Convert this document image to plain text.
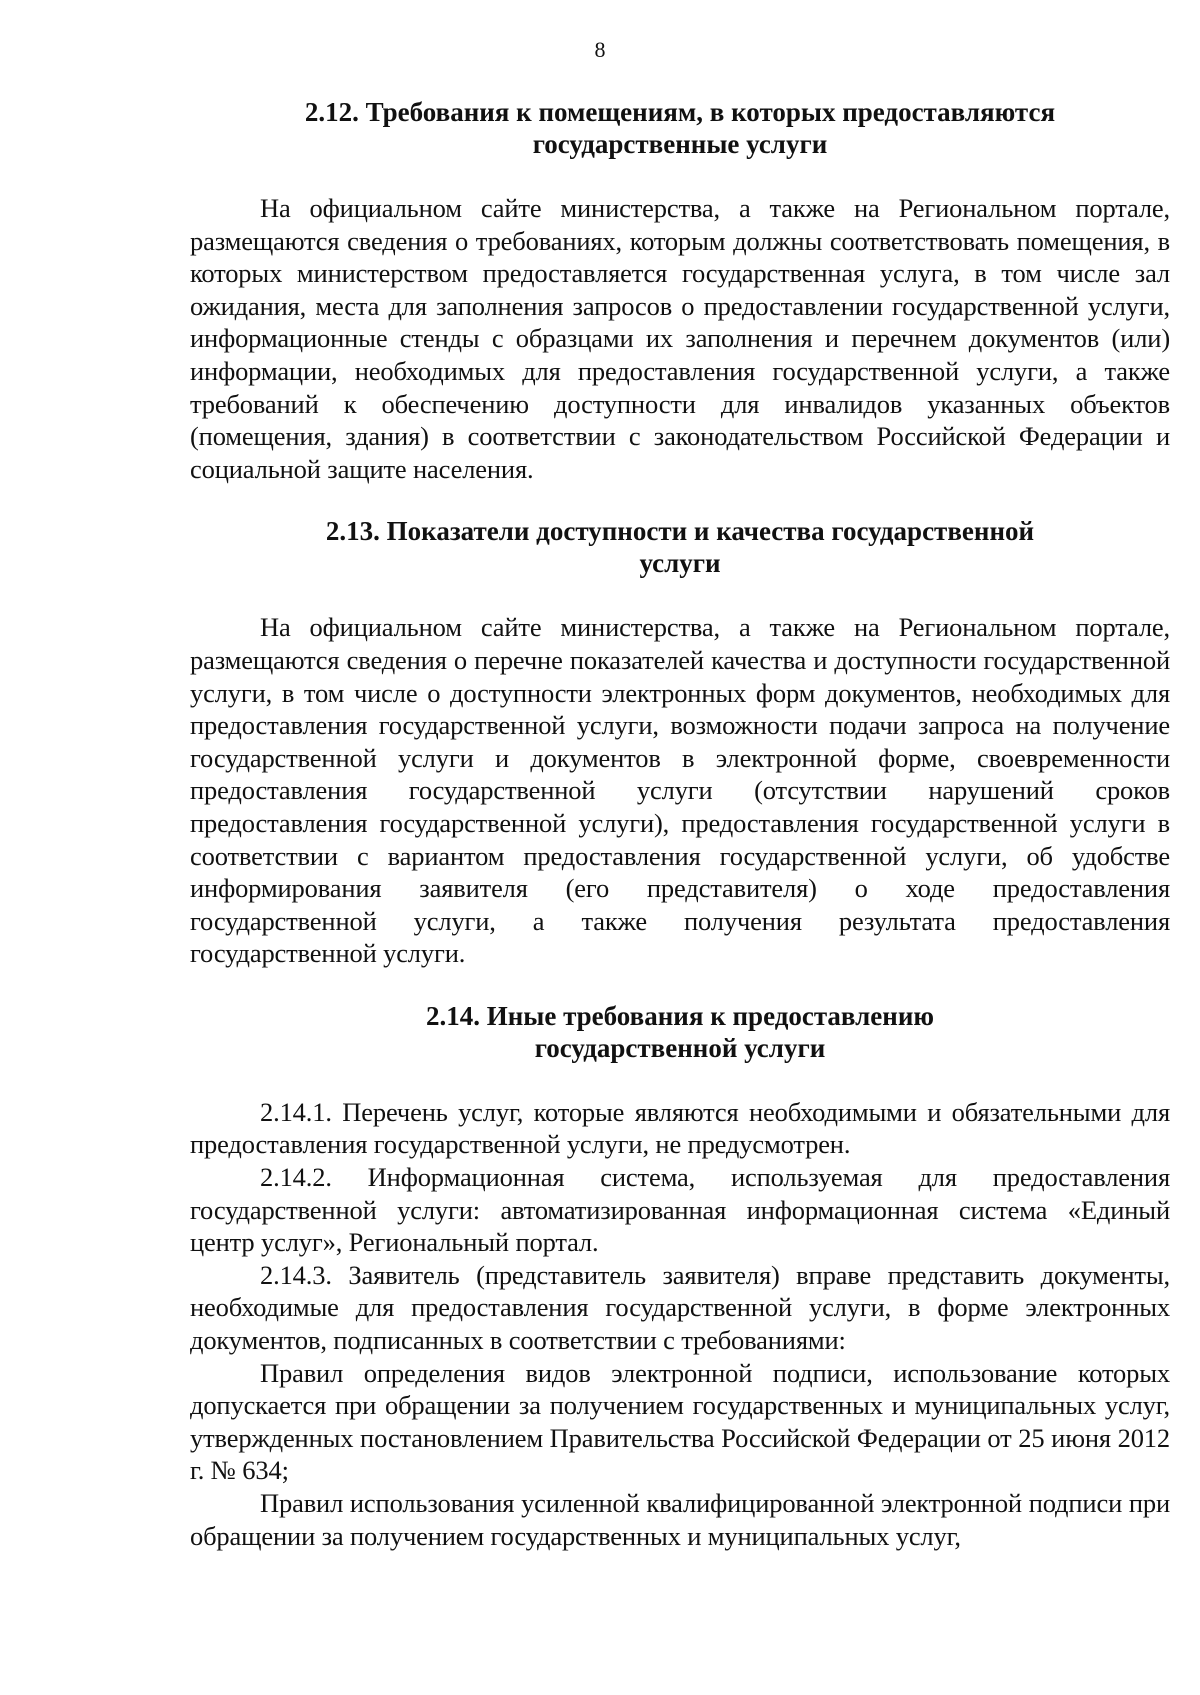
8
2.12. Требования к помещениям, в которых предоставляются
государственные услуги

На официальном сайте министерства, а также на Региональном портале, размещаются сведения о требованиях, которым должны соответствовать помещения, в которых министерством предоставляется государственная услуга, в том числе зал ожидания, места для заполнения запросов о предоставлении государственной услуги, информационные стенды с образцами их заполнения и перечнем документов (или) информации, необходимых для предоставления государственной услуги, а также требований к обеспечению доступности для инвалидов указанных объектов (помещения, здания) в соответствии с законодательством Российской Федерации и социальной защите населения.

2.13. Показатели доступности и качества государственной
услуги

На официальном сайте министерства, а также на Региональном портале, размещаются сведения о перечне показателей качества и доступности государственной услуги, в том числе о доступности электронных форм документов, необходимых для предоставления государственной услуги, возможности подачи запроса на получение государственной услуги и документов в электронной форме, своевременности предоставления государственной услуги (отсутствии нарушений сроков предоставления государственной услуги), предоставления государственной услуги в соответствии с вариантом предоставления государственной услуги, об удобстве информирования заявителя (его представителя) о ходе предоставления государственной услуги, а также получения результата предоставления государственной услуги.

2.14. Иные требования к предоставлению
государственной услуги

2.14.1. Перечень услуг, которые являются необходимыми и обязательными для предоставления государственной услуги, не предусмотрен.

2.14.2. Информационная система, используемая для предоставления государственной услуги: автоматизированная информационная система «Единый центр услуг», Региональный портал.

2.14.3. Заявитель (представитель заявителя) вправе представить документы, необходимые для предоставления государственной услуги, в форме электронных документов, подписанных в соответствии с требованиями:

Правил определения видов электронной подписи, использование которых допускается при обращении за получением государственных и муниципальных услуг, утвержденных постановлением Правительства Российской Федерации от 25 июня 2012 г. № 634;

Правил использования усиленной квалифицированной электронной подписи при обращении за получением государственных и муниципальных услуг,
